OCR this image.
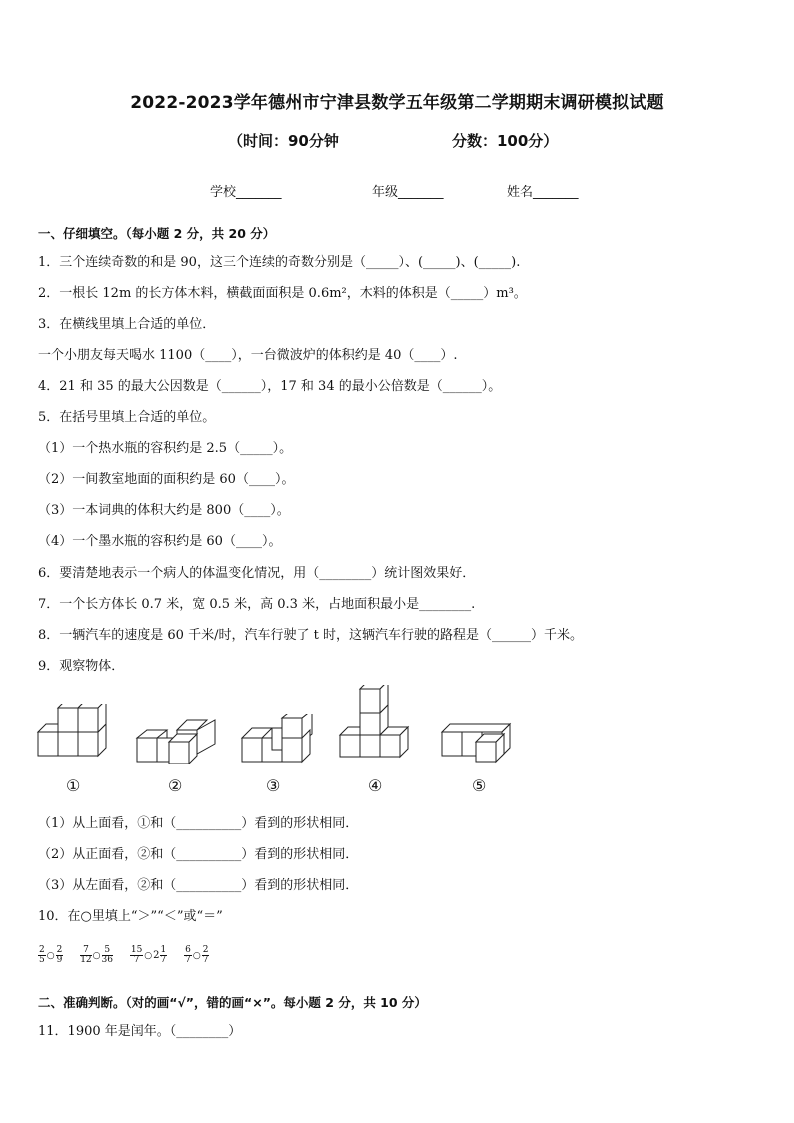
2022-2023学年德州市宁津县数学五年级第二学期期末调研模拟试题
（时间：90分钟	分数：100分）
学校_______	年级_______	姓名_______
一、仔细填空。（每小题 2 分，共 20 分）
1．三个连续奇数的和是 90，这三个连续的奇数分别是（_____）、(_____)、(_____).
2．一根长 12m 的长方体木料，横截面面积是 0.6m²，木料的体积是（_____）m³。
3．在横线里填上合适的单位．
一个小朋友每天喝水 1100（____），一台微波炉的体积约是 40（____）.
4．21 和 35 的最大公因数是（______），17 和 34 的最小公倍数是（______）。
5．在括号里填上合适的单位。
（1）一个热水瓶的容积约是 2.5（_____）。
（2）一间教室地面的面积约是 60（____）。
（3）一本词典的体积大约是 800（____）。
（4）一个墨水瓶的容积约是 60（____）。
6．要清楚地表示一个病人的体温变化情况，用（________）统计图效果好．
7．一个长方体长 0.7 米，宽 0.5 米，高 0.3 米，占地面积最小是________.
8．一辆汽车的速度是 60 千米/时，汽车行驶了 t 时，这辆汽车行驶的路程是（______）千米。
9．观察物体．
①	②	③	④	⑤
（1）从上面看，①和（__________）看到的形状相同．
（2）从正面看，②和（__________）看到的形状相同．
（3）从左面看，②和（__________）看到的形状相同．
10．在○里填上“＞”“＜”或“＝”
$\frac{2}{5}$ ○ $\frac{2}{9}$
$\frac{7}{12}$ ○ $\frac{5}{36}$
$\frac{15}{7}$ ○2 $\frac{1}{7}$
$\frac{6}{7}$ ○ $\frac{2}{7}$
二、准确判断。（对的画“√”，错的画“×”。每小题 2 分，共 10 分）
11．1900 年是闰年。（________）
